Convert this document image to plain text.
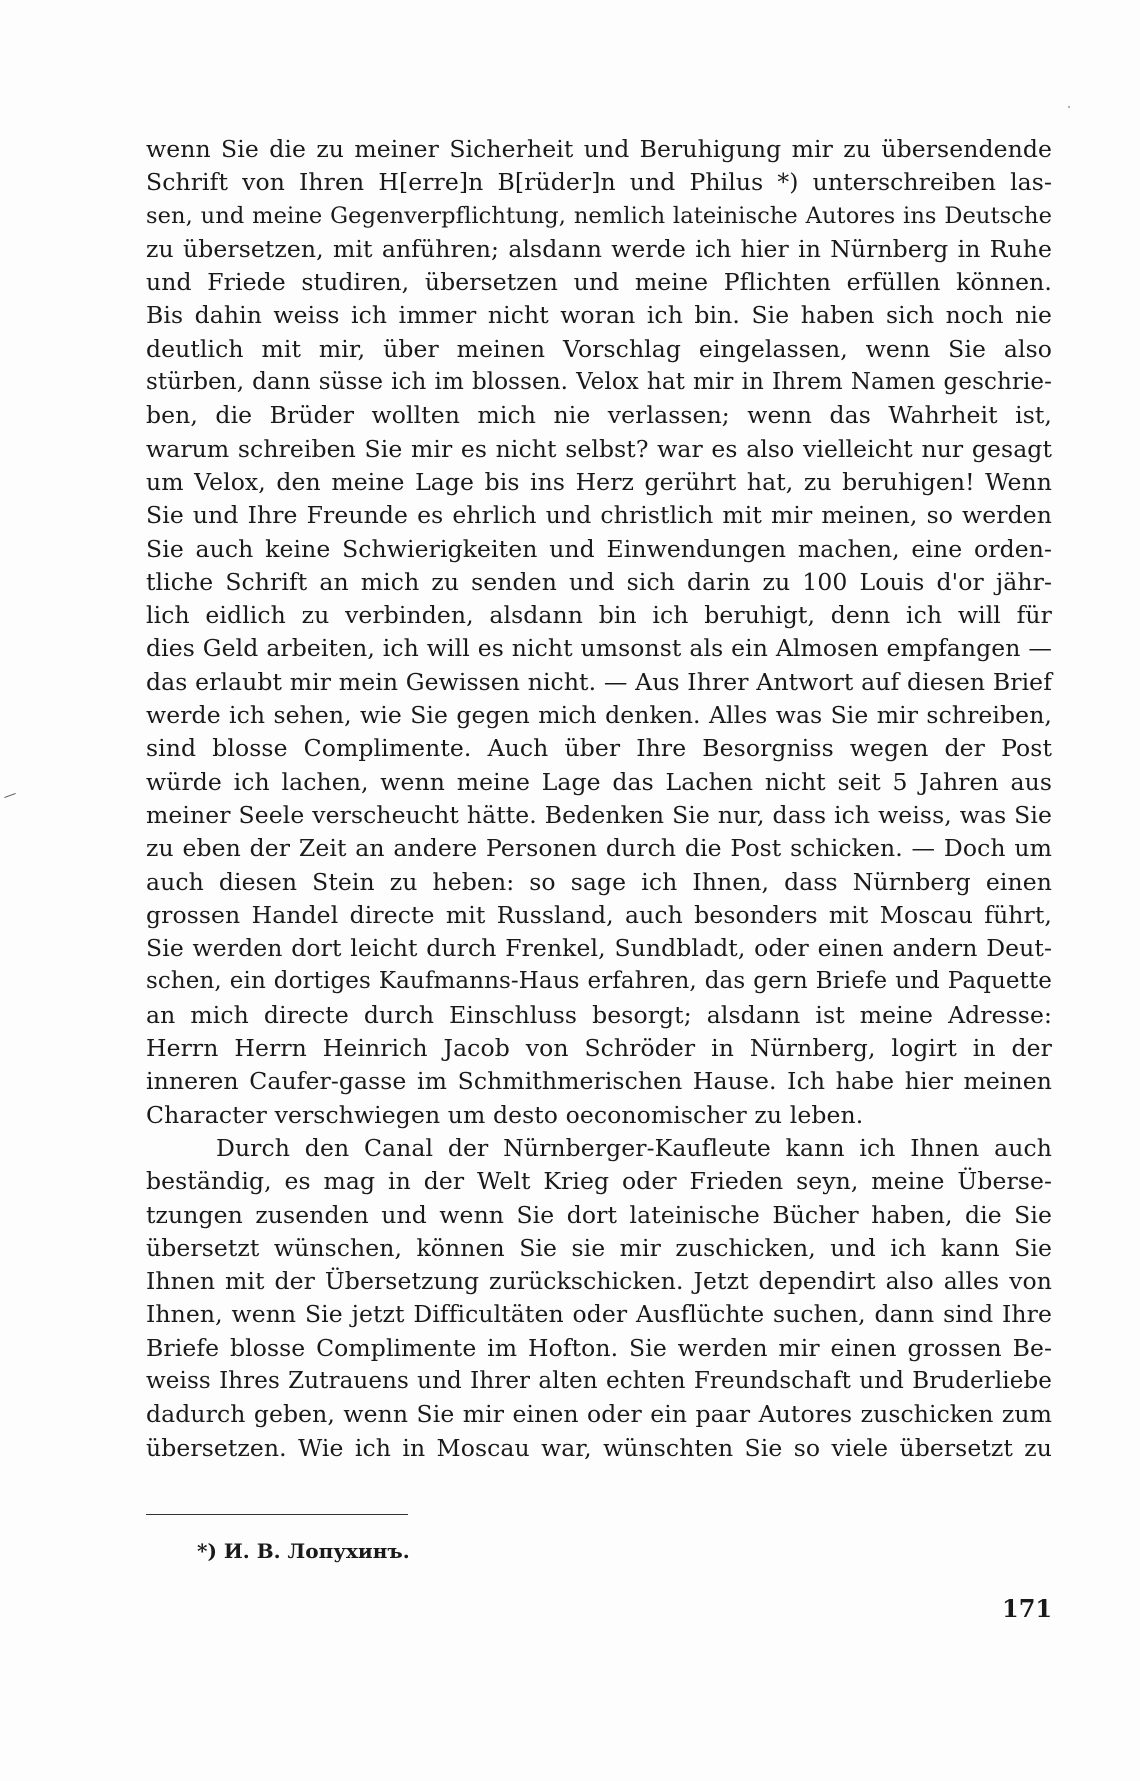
wenn Sie die zu meiner Sicherheit und Beruhigung mir zu übersendende
Schrift von Ihren H[erre]n B[rüder]n und Philus *) unterschreiben las-
sen, und meine Gegenverpflichtung, nemlich lateinische Autores ins Deutsche
zu übersetzen, mit anführen; alsdann werde ich hier in Nürnberg in Ruhe
und Friede studiren, übersetzen und meine Pflichten erfüllen können.
Bis dahin weiss ich immer nicht woran ich bin. Sie haben sich noch nie
deutlich mit mir, über meinen Vorschlag eingelassen, wenn Sie also
stürben, dann süsse ich im blossen. Velox hat mir in Ihrem Namen geschrie-
ben, die Brüder wollten mich nie verlassen; wenn das Wahrheit ist,
warum schreiben Sie mir es nicht selbst? war es also vielleicht nur gesagt
um Velox, den meine Lage bis ins Herz gerührt hat, zu beruhigen! Wenn
Sie und Ihre Freunde es ehrlich und christlich mit mir meinen, so werden
Sie auch keine Schwierigkeiten und Einwendungen machen, eine orden-
tliche Schrift an mich zu senden und sich darin zu 100 Louis d'or jähr-
lich eidlich zu verbinden, alsdann bin ich beruhigt, denn ich will für
dies Geld arbeiten, ich will es nicht umsonst als ein Almosen empfangen —
das erlaubt mir mein Gewissen nicht. — Aus Ihrer Antwort auf diesen Brief
werde ich sehen, wie Sie gegen mich denken. Alles was Sie mir schreiben,
sind blosse Complimente. Auch über Ihre Besorgniss wegen der Post
würde ich lachen, wenn meine Lage das Lachen nicht seit 5 Jahren aus
meiner Seele verscheucht hätte. Bedenken Sie nur, dass ich weiss, was Sie
zu eben der Zeit an andere Personen durch die Post schicken. — Doch um
auch diesen Stein zu heben: so sage ich Ihnen, dass Nürnberg einen
grossen Handel directe mit Russland, auch besonders mit Moscau führt,
Sie werden dort leicht durch Frenkel, Sundbladt, oder einen andern Deut-
schen, ein dortiges Kaufmanns-Haus erfahren, das gern Briefe und Paquette
an mich directe durch Einschluss besorgt; alsdann ist meine Adresse:
Herrn Herrn Heinrich Jacob von Schröder in Nürnberg, logirt in der
inneren Caufer-gasse im Schmithmerischen Hause. Ich habe hier meinen
Character verschwiegen um desto oeconomischer zu leben.
Durch den Canal der Nürnberger-Kaufleute kann ich Ihnen auch
beständig, es mag in der Welt Krieg oder Frieden seyn, meine Überse-
tzungen zusenden und wenn Sie dort lateinische Bücher haben, die Sie
übersetzt wünschen, können Sie sie mir zuschicken, und ich kann Sie
Ihnen mit der Übersetzung zurückschicken. Jetzt dependirt also alles von
Ihnen, wenn Sie jetzt Difficultäten oder Ausflüchte suchen, dann sind Ihre
Briefe blosse Complimente im Hofton. Sie werden mir einen grossen Be-
weiss Ihres Zutrauens und Ihrer alten echten Freundschaft und Bruderliebe
dadurch geben, wenn Sie mir einen oder ein paar Autores zuschicken zum
übersetzen. Wie ich in Moscau war, wünschten Sie so viele übersetzt zu
*) И. В. Лопухинъ.
171
